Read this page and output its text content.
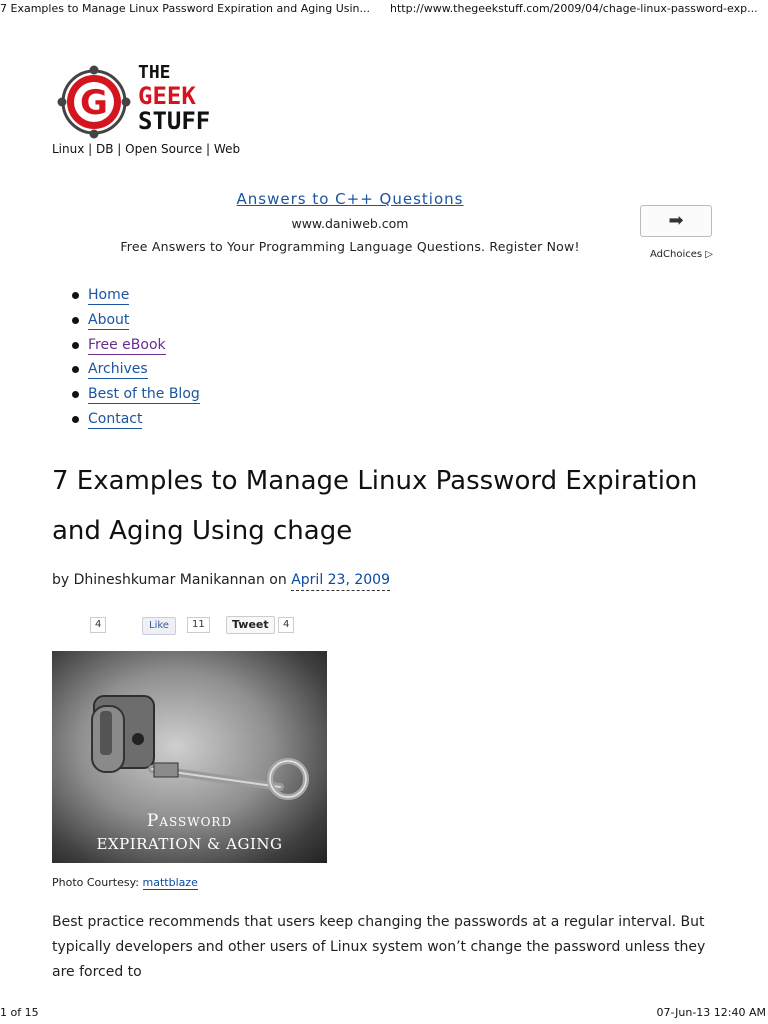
7 Examples to Manage Linux Password Expiration and Aging Usin... http://www.thegeekstuff.com/2009/04/chage-linux-password-exp...
G
THE
GEEK
STUFF
Linux | DB | Open Source | Web
Answers to C++ Questions
www.daniweb.com
Free Answers to Your Programming Language Questions. Register Now!
➡
AdChoices ▷
Home
About
Free eBook
Archives
Best of the Blog
Contact
7 Examples to Manage Linux Password Expiration and Aging Using chage
by Dhineshkumar Manikannan on April 23, 2009
4	Like	11	Tweet	4
Password
EXPIRATION & AGING
Photo Courtesy: mattblaze

Best practice recommends that users keep changing the passwords at a regular interval. But typically developers and other users of Linux system won’t change the password unless they are forced to

1 of 15	07-Jun-13 12:40 AM
